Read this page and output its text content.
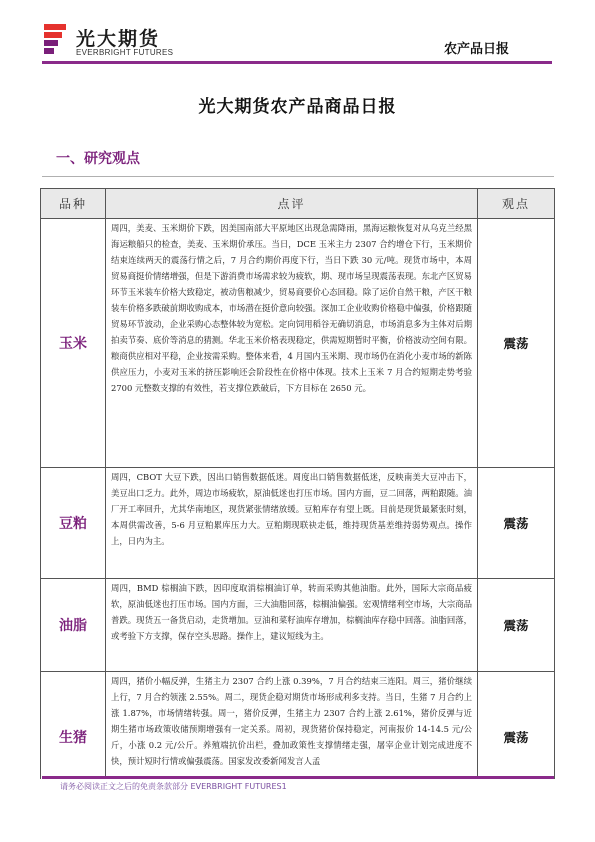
光大期货
EVERBRIGHT FUTURES	农产品日报
光大期货农产品商品日报
一、研究观点
品种	点评	观点
玉米	周四，美麦、玉米期价下跌，因美国南部大平原地区出现急需降雨，黑海运粮恢复对从乌克兰经黑海运粮船只的检查，美麦、玉米期价承压。当日，DCE 玉米主力 2307 合约增仓下行，玉米期价结束连续两天的震荡行情之后，7 月合约期价再度下行，当日下跌 30 元/吨。现货市场中，本周贸易商挺价情绪增强，但是下游消费市场需求较为疲软，期、现市场呈现震荡表现。东北产区贸易环节玉米装车价格大致稳定，被动售粮减少，贸易商要价心态回稳。除了运价自然干粮，产区干粮装车价格多跌破前期收购成本，市场潜在挺价意向较强。深加工企业收购价格稳中偏强，价格跟随贸易环节波动，企业采购心态整体较为宽松。定向饲用稻谷无确切消息，市场消息多为主体对后期拍卖节奏、底价等消息的猜测。华北玉米价格表现稳定，供需短期暂时平衡，价格波动空间有限。粮商供应相对平稳，企业按需采购。整体来看，4 月国内玉米期、现市场仍在消化小麦市场的新陈供应压力，小麦对玉米的挤压影响还会阶段性在价格中体现。技术上玉米 7 月合约短期走势考验 2700 元整数支撑的有效性，若支撑位跌破后，下方目标在 2650 元。	震荡
豆粕	周四，CBOT 大豆下跌，因出口销售数据低迷。周度出口销售数据低迷，反映南美大豆冲击下，美豆出口乏力。此外，周边市场疲软，原油低迷也打压市场。国内方面，豆二回落，两粕跟随。油厂开工率回升，尤其华南地区，现货紧张情绪放缓。豆粕库存有望上既。目前是现货最紧张时刻，本周供需改善，5-6 月豆粕累库压力大。豆粕期现联袂走低，维持现货基差维持弱势观点。操作上，日内为主。	震荡
油脂	周四，BMD 棕榈油下跌，因印度取消棕榈油订单，转而采购其他油脂。此外，国际大宗商品疲软，原油低迷也打压市场。国内方面，三大油脂回落，棕榈油偏强。宏观情绪利空市场，大宗商品普跌。现货五一备货启动，走货增加。豆油和菜籽油库存增加，棕榈油库存稳中回落。油脂回落，或考验下方支撑，保存空头思路。操作上，建议短线为主。	震荡
生猪	周四，猪价小幅反弹，生猪主力 2307 合约上涨 0.39%，7 月合约结束三连阳。周三，猪价继续上行，7 月合约领涨 2.55%。周二，现货企稳对期货市场形成利多支持。当日，生猪 7 月合约上涨 1.87%，市场情绪转强。周一，猪价反弹，生猪主力 2307 合约上涨 2.61%，猪价反弹与近期生猪市场政策收储预期增强有一定关系。周初，现货猪价保持稳定，河南报价 14-14.5 元/公斤，小涨 0.2 元/公斤。养殖端抗价出栏，叠加政策性支撑情绪走强，屠宰企业计划完成进度不快，预计短时行情或偏强震荡。国家发改委新闻发言人孟	震荡
请务必阅读正文之后的免责条款部分 EVERBRIGHT FUTURES1
